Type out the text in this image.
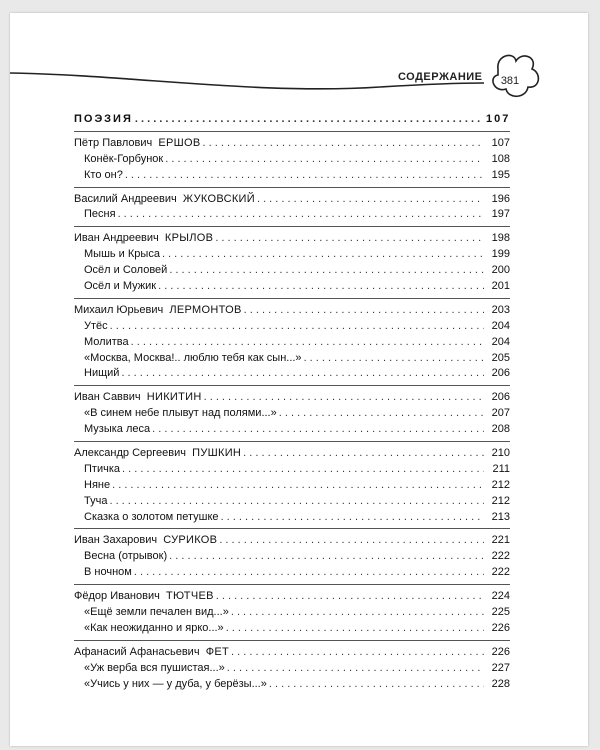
СОДЕРЖАНИЕ	381
ПОЭЗИЯ . . .	107
Пётр Павлович ЕРШОВ . . .	107
Конёк-Горбунок . . .	108
Кто он? . . .	195
Василий Андреевич ЖУКОВСКИЙ . . .	196
Песня . . .	197
Иван Андреевич КРЫЛОВ . . .	198
Мышь и Крыса . . .	199
Осёл и Соловей . . .	200
Осёл и Мужик . . .	201
Михаил Юрьевич ЛЕРМОНТОВ . . .	203
Утёс . . .	204
Молитва . . .	204
«Москва, Москва!.. люблю тебя как сын...» . . .	205
Нищий . . .	206
Иван Саввич НИКИТИН . . .	206
«В синем небе плывут над полями...» . . .	207
Музыка леса . . .	208
Александр Сергеевич ПУШКИН . . .	210
Птичка . . .	211
Няне . . .	212
Туча . . .	212
Сказка о золотом петушке . . .	213
Иван Захарович СУРИКОВ . . .	221
Весна (отрывок) . . .	222
В ночном . . .	222
Фёдор Иванович ТЮТЧЕВ . . .	224
«Ещё земли печален вид...» . . .	225
«Как неожиданно и ярко...» . . .	226
Афанасий Афанасьевич ФЕТ . . .	226
«Уж верба вся пушистая...» . . .	227
«Учись у них — у дуба, у берёзы...» . . .	228
